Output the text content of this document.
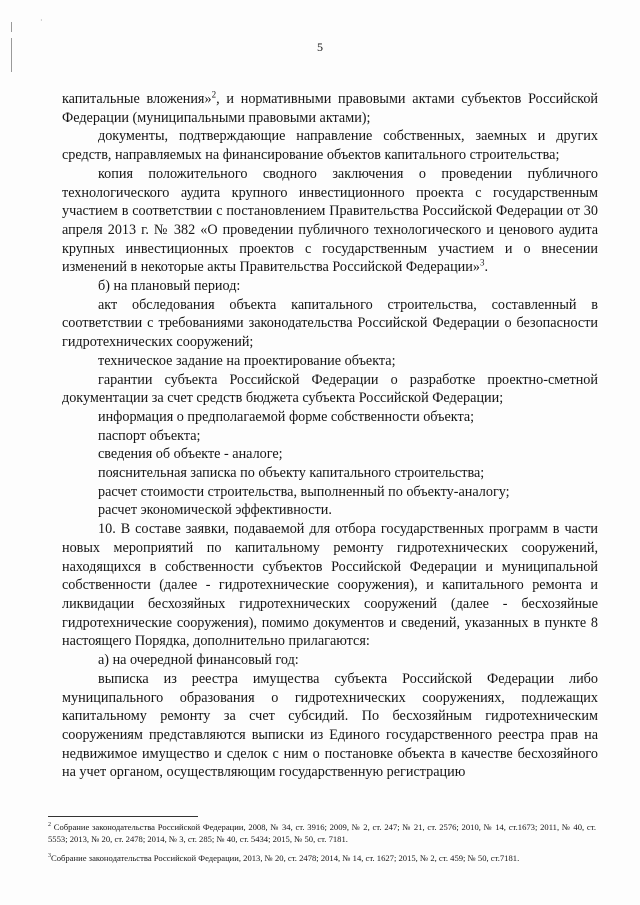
·
5

капитальные вложения»$^2$, и нормативными правовыми актами субъектов Российской Федерации (муниципальными правовыми актами);

документы, подтверждающие направление собственных, заемных и других средств, направляемых на финансирование объектов капитального строительства;

копия положительного сводного заключения о проведении публичного технологического аудита крупного инвестиционного проекта с государственным участием в соответствии с постановлением Правительства Российской Федерации от 30 апреля 2013 г. № 382 «О проведении публичного технологического и ценового аудита крупных инвестиционных проектов с государственным участием и о внесении изменений в некоторые акты Правительства Российской Федерации»$^3$.

б) на плановый период:

акт обследования объекта капитального строительства, составленный в соответствии с требованиями законодательства Российской Федерации о безопасности гидротехнических сооружений;

техническое задание на проектирование объекта;

гарантии субъекта Российской Федерации о разработке проектно-сметной документации за счет средств бюджета субъекта Российской Федерации;

информация о предполагаемой форме собственности объекта;

паспорт объекта;

сведения об объекте - аналоге;

пояснительная записка по объекту капитального строительства;

расчет стоимости строительства, выполненный по объекту-аналогу;

расчет экономической эффективности.

10. В составе заявки, подаваемой для отбора государственных программ в части новых мероприятий по капитальному ремонту гидротехнических сооружений, находящихся в собственности субъектов Российской Федерации и муниципальной собственности (далее - гидротехнические сооружения), и капитального ремонта и ликвидации бесхозяйных гидротехнических сооружений (далее - бесхозяйные гидротехнические сооружения), помимо документов и сведений, указанных в пункте 8 настоящего Порядка, дополнительно прилагаются:

а) на очередной финансовый год:

выписка из реестра имущества субъекта Российской Федерации либо муниципального образования о гидротехнических сооружениях, подлежащих капитальному ремонту за счет субсидий. По бесхозяйным гидротехническим сооружениям представляются выписки из Единого государственного реестра прав на недвижимое имущество и сделок с ним о постановке объекта в качестве бесхозяйного на учет органом, осуществляющим государственную регистрацию

$^2$ Собрание законодательства Российской Федерации, 2008, № 34, ст. 3916; 2009, № 2, ст. 247; № 21, ст. 2576; 2010, № 14, ст.1673; 2011, № 40, ст. 5553; 2013, № 20, ст. 2478; 2014, № 3, ст. 285; № 40, ст. 5434; 2015, № 50, ст. 7181.

$^3$Собрание законодательства Российской Федерации, 2013, № 20, ст. 2478; 2014, № 14, ст. 1627; 2015, № 2, ст. 459; № 50, ст.7181.
